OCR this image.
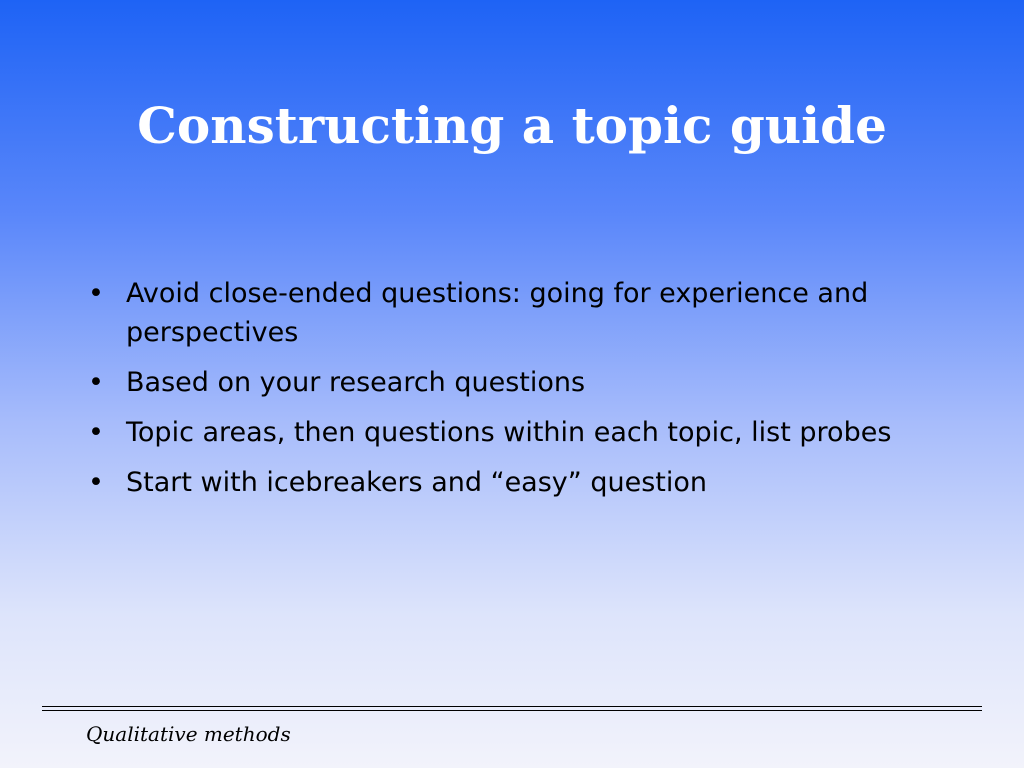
Constructing a topic guide
• Avoid close-ended questions: going for experience and perspectives
• Based on your research questions
• Topic areas, then questions within each topic, list probes
• Start with icebreakers and “easy” question
Qualitative methods
